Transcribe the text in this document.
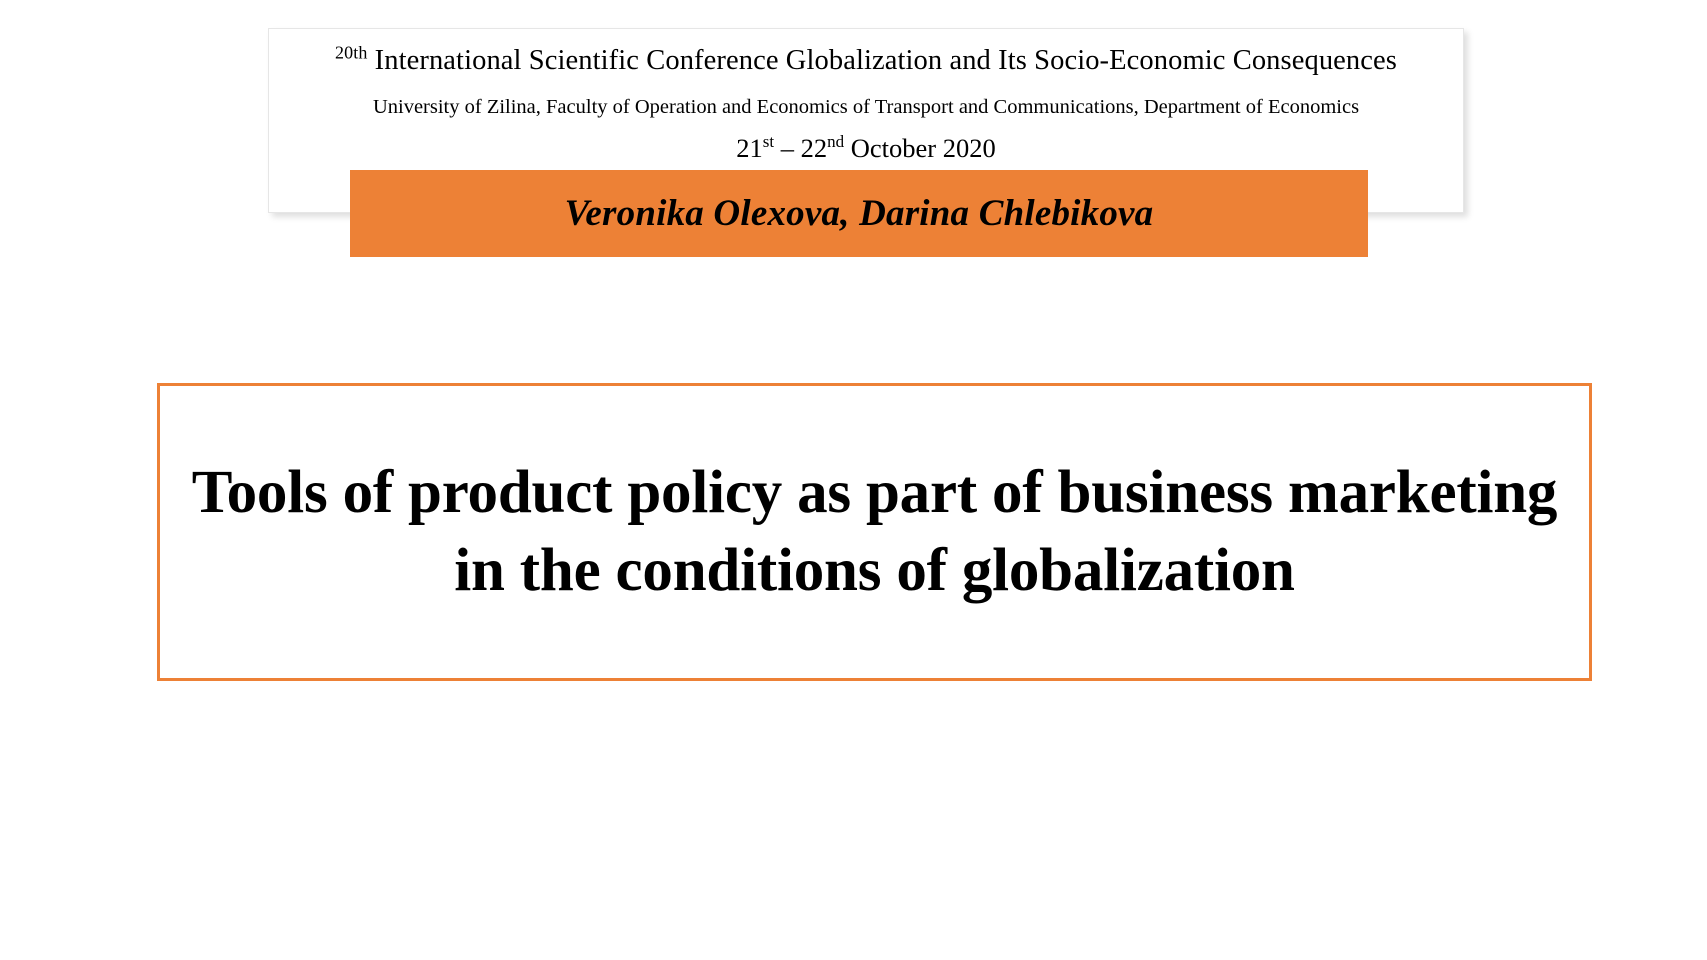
$^{20th}$ International Scientific Conference Globalization and Its Socio-Economic Consequences
University of Zilina, Faculty of Operation and Economics of Transport and Communications, Department of Economics
21st – 22nd October 2020
Veronika Olexova, Darina Chlebikova
Tools of product policy as part of business marketing in the conditions of globalization
